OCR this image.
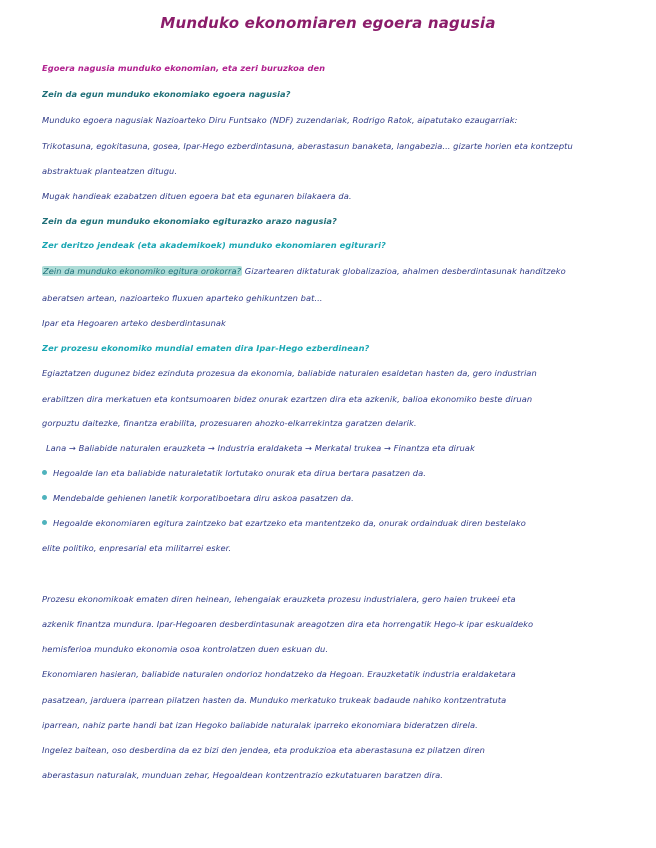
Munduko ekonomiaren egoera nagusia
Egoera nagusia munduko ekonomian, eta zeri buruzkoa den
Zein da egun munduko ekonomiako egoera nagusia?
Munduko egoera nagusiak Nazioarteko Diru Funtsako (NDF) zuzendariak, Rodrigo Ratok, aipatutako ezaugarriak:
Trikotasuna, egokitasuna, gosea, Ipar-Hego ezberdintasuna, aberastasun banaketa, langabezia... gizarte horien eta kontzeptu
abstraktuak planteatzen ditugu.
Mugak handieak ezabatzen dituen egoera bat eta egunaren bilakaera da.
Zein da egun munduko ekonomiako egiturazko arazo nagusia?
Zer deritzo jendeak (eta akademikoek) munduko ekonomiaren egiturari?
Zein da munduko ekonomiko egitura orokorra? Gizartearen diktaturak globalizazioa, ahalmen desberdintasunak handitzeko
aberatsen artean, nazioarteko fluxuen aparteko gehikuntzen bat...
Ipar eta Hegoaren arteko desberdintasunak
Zer prozesu ekonomiko mundial ematen dira Ipar-Hego ezberdinean?
Egiaztatzen dugunez bidez ezinduta prozesua da ekonomia, baliabide naturalen esaldetan hasten da, gero industrian
erabiltzen dira merkatuen eta kontsumoaren bidez onurak ezartzen dira eta azkenik, balioa ekonomiko beste diruan
gorpuztu daitezke, finantza erabilita, prozesuaren ahozko-elkarrekintza garatzen delarik.
Lana → Baliabide naturalen erauzketa → Industria eraldaketa → Merkatal trukea → Finantza eta diruak
Hegoalde lan eta baliabide naturaletatik lortutako onurak eta dirua bertara pasatzen da.
Mendebalde gehienen lanetik korporatiboetara diru askoa pasatzen da.
Hegoalde ekonomiaren egitura zaintzeko bat ezartzeko eta mantentzeko da, onurak ordainduak diren bestelako
elite politiko, enpresarial eta militarrei esker.
Prozesu ekonomikoak ematen diren heinean, lehengaiak erauzketa prozesu industrialera, gero haien trukeei eta
azkenik finantza mundura. Ipar-Hegoaren desberdintasunak areagotzen dira eta horrengatik Hego-k ipar eskualdeko
hemisferioa munduko ekonomia osoa kontrolatzen duen eskuan du.
Ekonomiaren hasieran, baliabide naturalen ondorioz hondatzeko da Hegoan. Erauzketatik industria eraldaketara
pasatzean, jarduera iparrean pilatzen hasten da. Munduko merkatuko trukeak badaude nahiko kontzentratuta
iparrean, nahiz parte handi bat izan Hegoko baliabide naturalak iparreko ekonomiara bideratzen direla.
Ingelez baitean, oso desberdina da ez bizi den jendea, eta produkzioa eta aberastasuna ez pilatzen diren
aberastasun naturalak, munduan zehar, Hegoaldean kontzentrazio ezkutatuaren baratzen dira.
